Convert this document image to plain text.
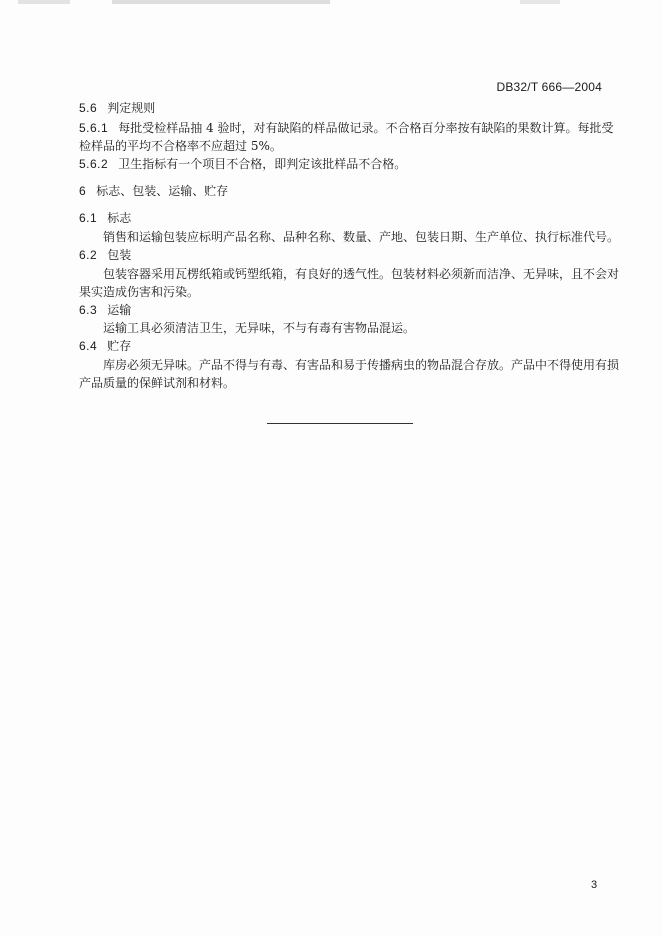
DB32/T 666—2004
5.6 判定规则
5.6.1 每批受检样品抽 4 验时，对有缺陷的样品做记录。不合格百分率按有缺陷的果数计算。每批受
检样品的平均不合格率不应超过 5%。
5.6.2 卫生指标有一个项目不合格，即判定该批样品不合格。
6 标志、包装、运输、贮存
6.1 标志
销售和运输包装应标明产品名称、品种名称、数量、产地、包装日期、生产单位、执行标准代号。
6.2 包装
包装容器采用瓦楞纸箱或钙塑纸箱，有良好的透气性。包装材料必须新而洁净、无异味，且不会对
果实造成伤害和污染。
6.3 运输
运输工具必须清洁卫生，无异味，不与有毒有害物品混运。
6.4 贮存
库房必须无异味。产品不得与有毒、有害品和易于传播病虫的物品混合存放。产品中不得使用有损
产品质量的保鲜试剂和材料。
3
